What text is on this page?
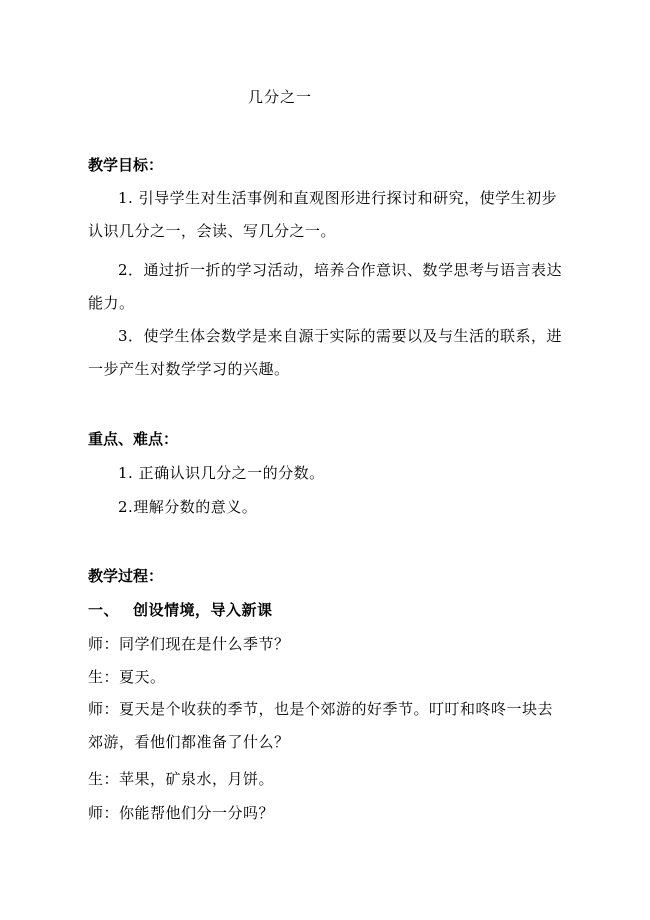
几分之一
教学目标：
1. 引导学生对生活事例和直观图形进行探讨和研究，使学生初步认识几分之一，会读、写几分之一。
2．通过折一折的学习活动，培养合作意识、数学思考与语言表达能力。
3．使学生体会数学是来自源于实际的需要以及与生活的联系，进一步产生对数学学习的兴趣。
重点、难点：
1. 正确认识几分之一的分数。
2.理解分数的意义。
教学过程：
一、 创设情境，导入新课
师：同学们现在是什么季节？
生：夏天。
师：夏天是个收获的季节，也是个郊游的好季节。叮叮和咚咚一块去郊游，看他们都准备了什么？
生：苹果，矿泉水，月饼。
师：你能帮他们分一分吗？
